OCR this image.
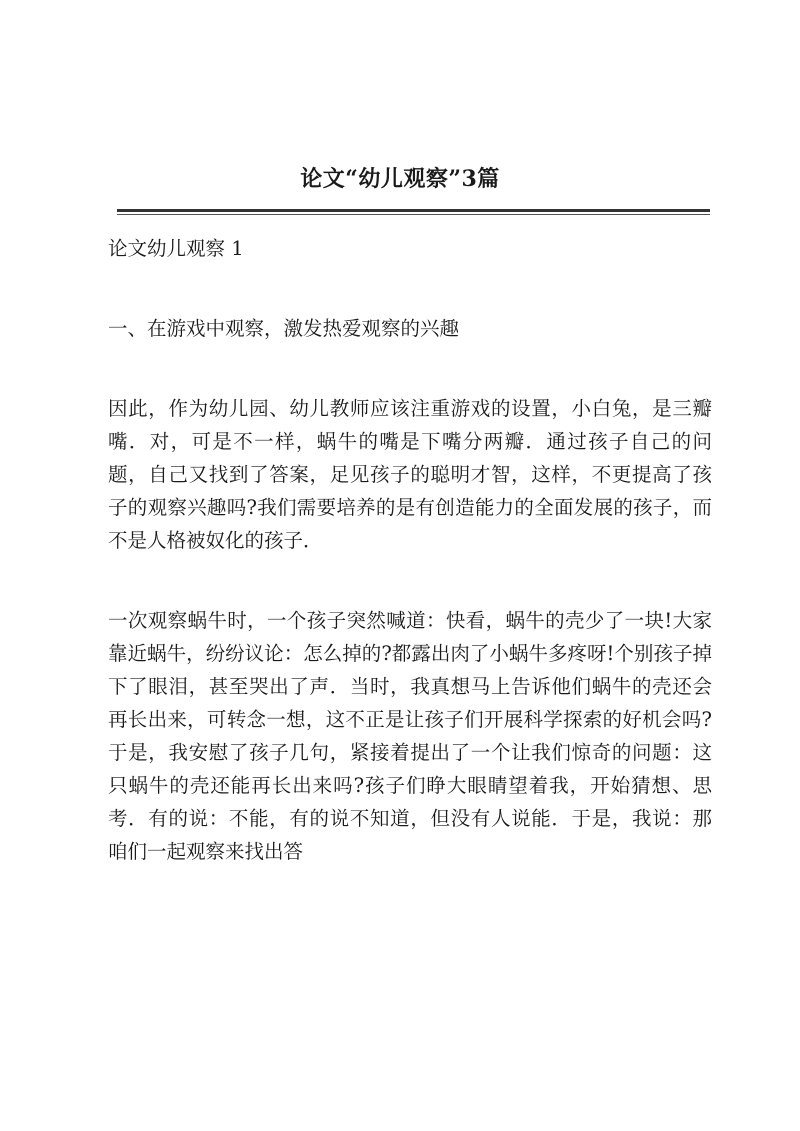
论文“幼儿观察”3篇

论文幼儿观察 1

一、在游戏中观察，激发热爱观察的兴趣

因此，作为幼儿园、幼儿教师应该注重游戏的设置，小白兔，是三瓣嘴．对，可是不一样，蜗牛的嘴是下嘴分两瓣．通过孩子自己的问题，自己又找到了答案，足见孩子的聪明才智，这样，不更提高了孩子的观察兴趣吗?我们需要培养的是有创造能力的全面发展的孩子，而不是人格被奴化的孩子．

一次观察蜗牛时，一个孩子突然喊道：快看，蜗牛的壳少了一块!大家靠近蜗牛，纷纷议论：怎么掉的?都露出肉了小蜗牛多疼呀!个别孩子掉下了眼泪，甚至哭出了声．当时，我真想马上告诉他们蜗牛的壳还会再长出来，可转念一想，这不正是让孩子们开展科学探索的好机会吗?于是，我安慰了孩子几句，紧接着提出了一个让我们惊奇的问题：这只蜗牛的壳还能再长出来吗?孩子们睁大眼睛望着我，开始猜想、思考．有的说：不能，有的说不知道，但没有人说能．于是，我说：那咱们一起观察来找出答
